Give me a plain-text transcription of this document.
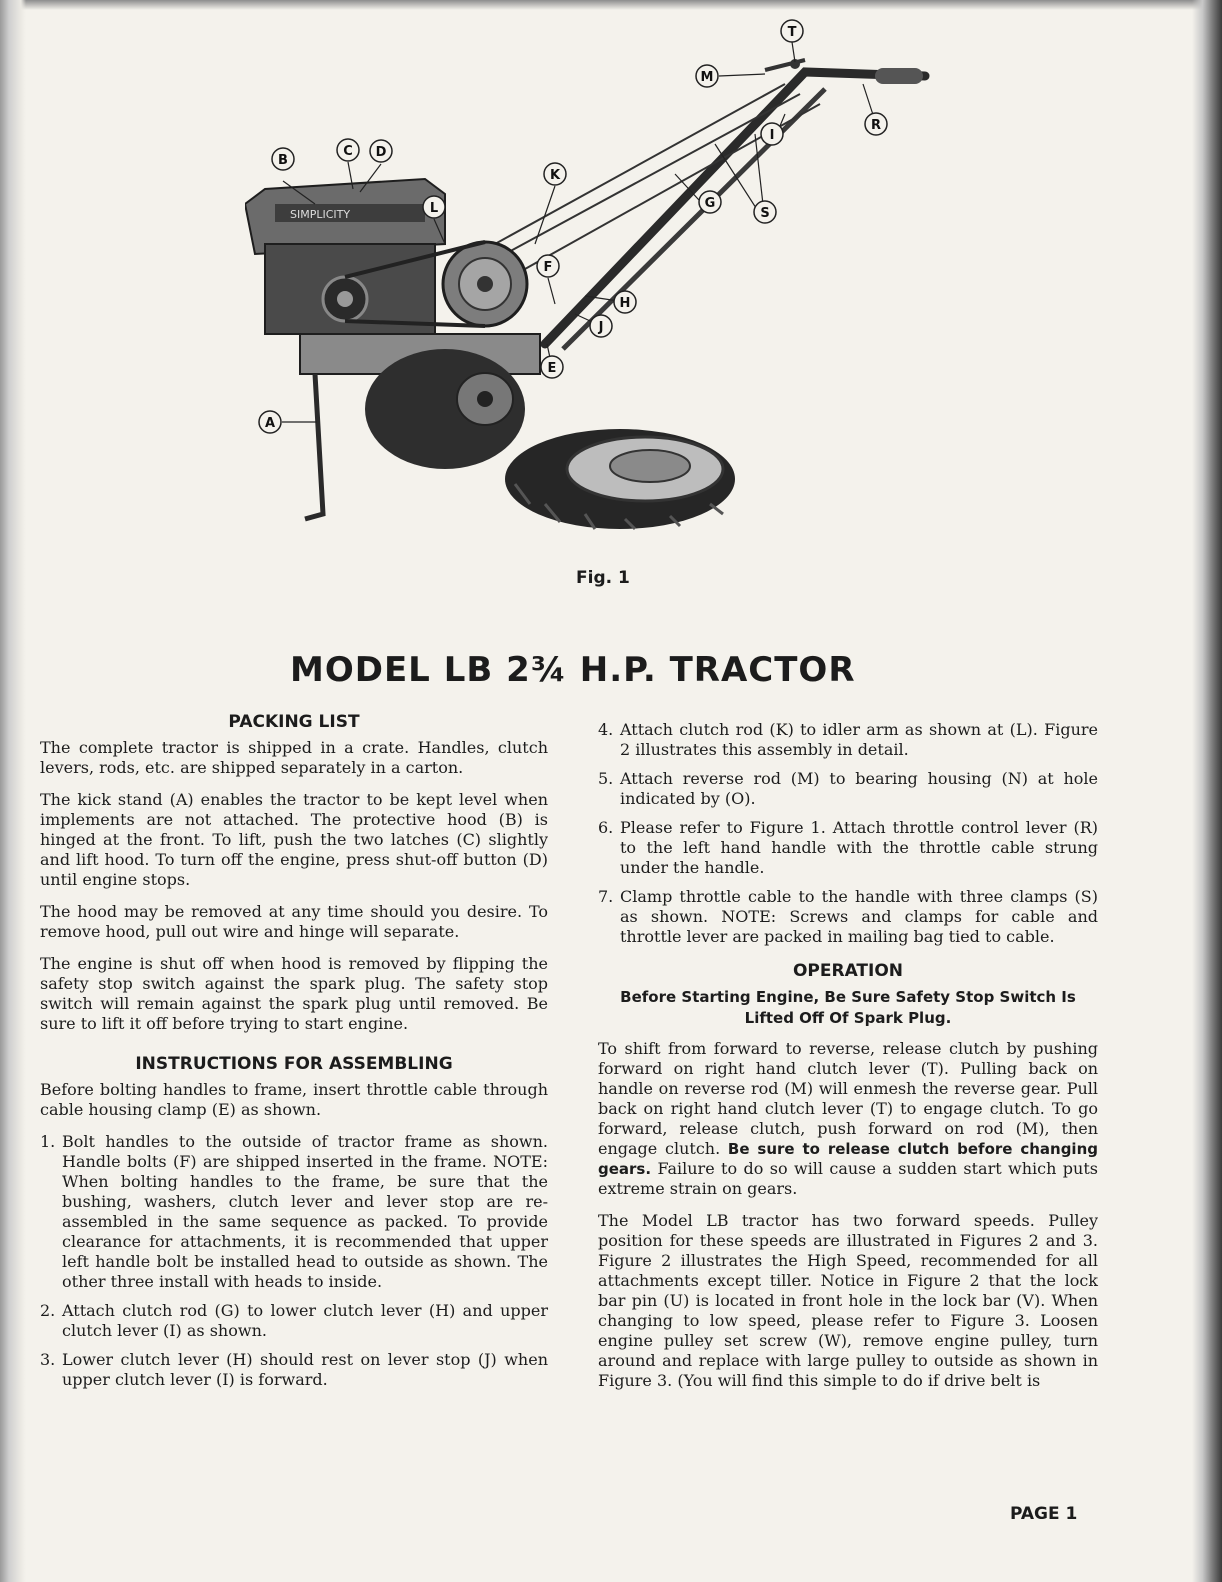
SIMPLICITY
A
B
C D
E
F
G
H
I
J
K
L
M
R
S
T
Fig. 1
MODEL LB 2¾ H.P. TRACTOR
PACKING LIST

The complete tractor is shipped in a crate. Handles, clutch levers, rods, etc. are shipped separately in a carton.

The kick stand (A) enables the tractor to be kept level when implements are not attached. The protective hood (B) is hinged at the front. To lift, push the two latches (C) slightly and lift hood. To turn off the engine, press shut-off button (D) until engine stops.

The hood may be removed at any time should you desire. To remove hood, pull out wire and hinge will separate.

The engine is shut off when hood is removed by flipping the safety stop switch against the spark plug. The safety stop switch will remain against the spark plug until removed. Be sure to lift it off before trying to start engine.

INSTRUCTIONS FOR ASSEMBLING

Before bolting handles to frame, insert throttle cable through cable housing clamp (E) as shown.

1. Bolt handles to the outside of tractor frame as shown. Handle bolts (F) are shipped inserted in the frame. NOTE: When bolting handles to the frame, be sure that the bushing, washers, clutch lever and lever stop are re-assembled in the same sequence as packed. To provide clearance for attachments, it is recommended that upper left handle bolt be installed head to outside as shown. The other three install with heads to inside.
2. Attach clutch rod (G) to lower clutch lever (H) and upper clutch lever (I) as shown.
3. Lower clutch lever (H) should rest on lever stop (J) when upper clutch lever (I) is forward.
4. Attach clutch rod (K) to idler arm as shown at (L). Figure 2 illustrates this assembly in detail.
5. Attach reverse rod (M) to bearing housing (N) at hole indicated by (O).
6. Please refer to Figure 1. Attach throttle control lever (R) to the left hand handle with the throttle cable strung under the handle.
7. Clamp throttle cable to the handle with three clamps (S) as shown. NOTE: Screws and clamps for cable and throttle lever are packed in mailing bag tied to cable.
OPERATION
Before Starting Engine, Be Sure Safety Stop Switch Is Lifted Off Of Spark Plug.

To shift from forward to reverse, release clutch by pushing forward on right hand clutch lever (T). Pulling back on handle on reverse rod (M) will enmesh the reverse gear. Pull back on right hand clutch lever (T) to engage clutch. To go forward, release clutch, push forward on rod (M), then engage clutch. Be sure to release clutch before changing gears. Failure to do so will cause a sudden start which puts extreme strain on gears.

The Model LB tractor has two forward speeds. Pulley position for these speeds are illustrated in Figures 2 and 3. Figure 2 illustrates the High Speed, recommended for all attachments except tiller. Notice in Figure 2 that the lock bar pin (U) is located in front hole in the lock bar (V). When changing to low speed, please refer to Figure 3. Loosen engine pulley set screw (W), remove engine pulley, turn around and replace with large pulley to outside as shown in Figure 3. (You will find this simple to do if drive belt is

PAGE 1
